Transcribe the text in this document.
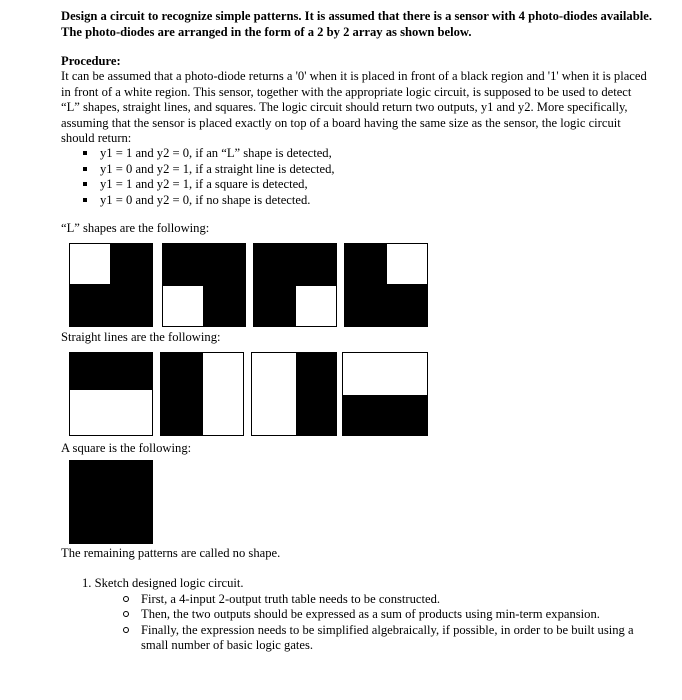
Design a circuit to recognize simple patterns. It is assumed that there is a sensor with 4 photo-diodes available. The photo-diodes are arranged in the form of a 2 by 2 array as shown below.
Procedure:
It can be assumed that a photo-diode returns a '0' when it is placed in front of a black region and '1' when it is placed in front of a white region. This sensor, together with the appropriate logic circuit, is supposed to be used to detect “L” shapes, straight lines, and squares. The logic circuit should return two outputs, y1 and y2. More specifically, assuming that the sensor is placed exactly on top of a board having the same size as the sensor, the logic circuit should return:
y1 = 1 and y2 = 0, if an “L” shape is detected,
y1 = 0 and y2 = 1, if a straight line is detected,
y1 = 1 and y2 = 1, if a square is detected,
y1 = 0 and y2 = 0, if no shape is detected.
“L” shapes are the following:
Straight lines are the following:
A square is the following:
The remaining patterns are called no shape.
1. Sketch designed logic circuit.
First, a 4-input 2-output truth table needs to be constructed.
Then, the two outputs should be expressed as a sum of products using min-term expansion.
Finally, the expression needs to be simplified algebraically, if possible, in order to be built using a small number of basic logic gates.
